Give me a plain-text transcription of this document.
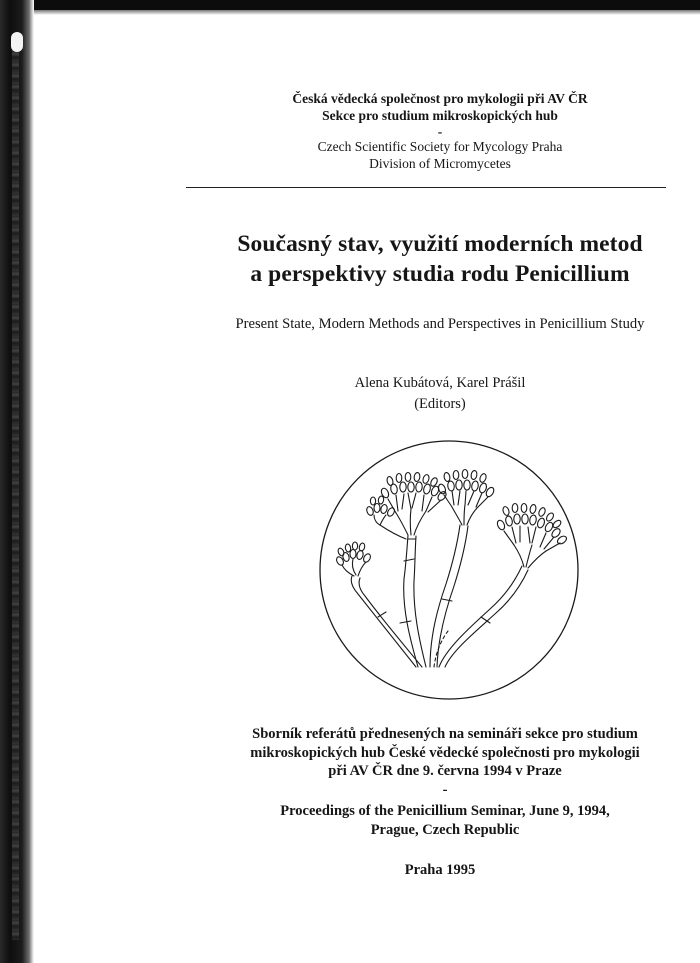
Česká vědecká společnost pro mykologii při AV ČR
Sekce pro studium mikroskopických hub
-
Czech Scientific Society for Mycology Praha
Division of Micromycetes
Současný stav, využití moderních metod
a perspektivy studia rodu Penicillium
Present State, Modern Methods and Perspectives in Penicillium Study
Alena Kubátová, Karel Prášil
(Editors)
Sborník referátů přednesených na semináři sekce pro studium
mikroskopických hub České vědecké společnosti pro mykologii
při AV ČR dne 9. června 1994 v Praze
-
Proceedings of the Penicillium Seminar, June 9, 1994,
Prague, Czech Republic
Praha 1995
